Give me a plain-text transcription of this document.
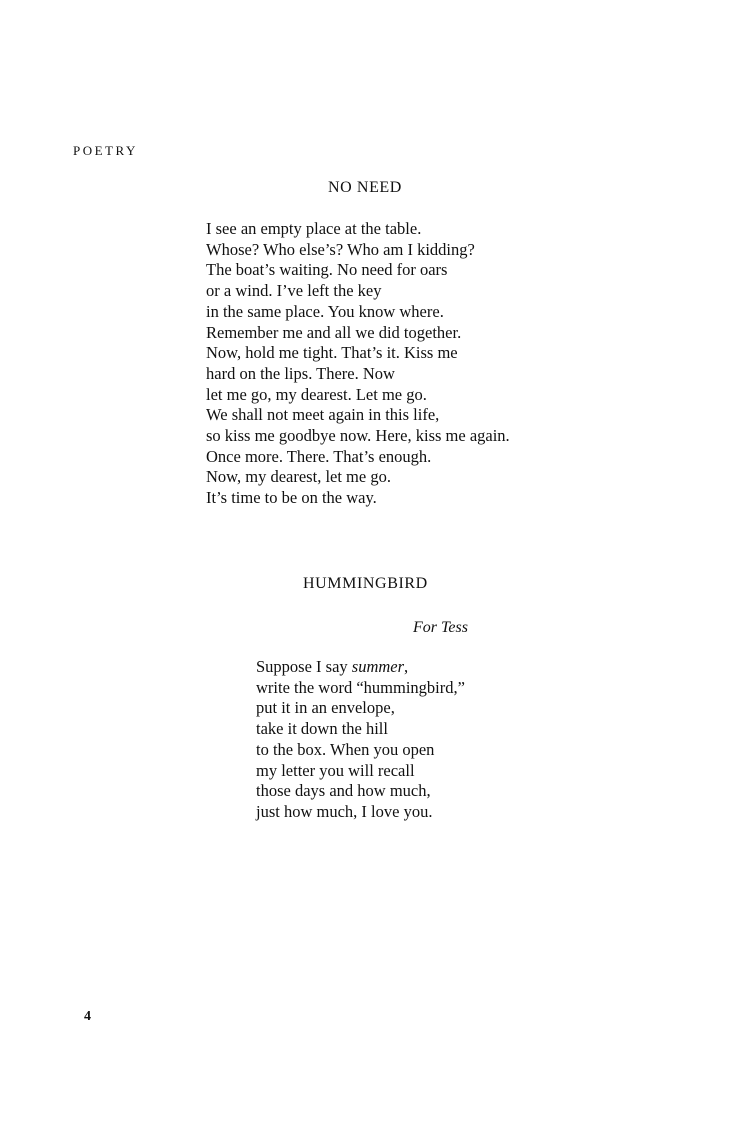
POETRY
NO NEED
I see an empty place at the table.
Whose? Who else’s? Who am I kidding?
The boat’s waiting. No need for oars
or a wind. I’ve left the key
in the same place. You know where.
Remember me and all we did together.
Now, hold me tight. That’s it. Kiss me
hard on the lips. There. Now
let me go, my dearest. Let me go.
We shall not meet again in this life,
so kiss me goodbye now. Here, kiss me again.
Once more. There. That’s enough.
Now, my dearest, let me go.
It’s time to be on the way.
HUMMINGBIRD
For Tess
Suppose I say summer,
write the word “hummingbird,”
put it in an envelope,
take it down the hill
to the box. When you open
my letter you will recall
those days and how much,
just how much, I love you.
4
